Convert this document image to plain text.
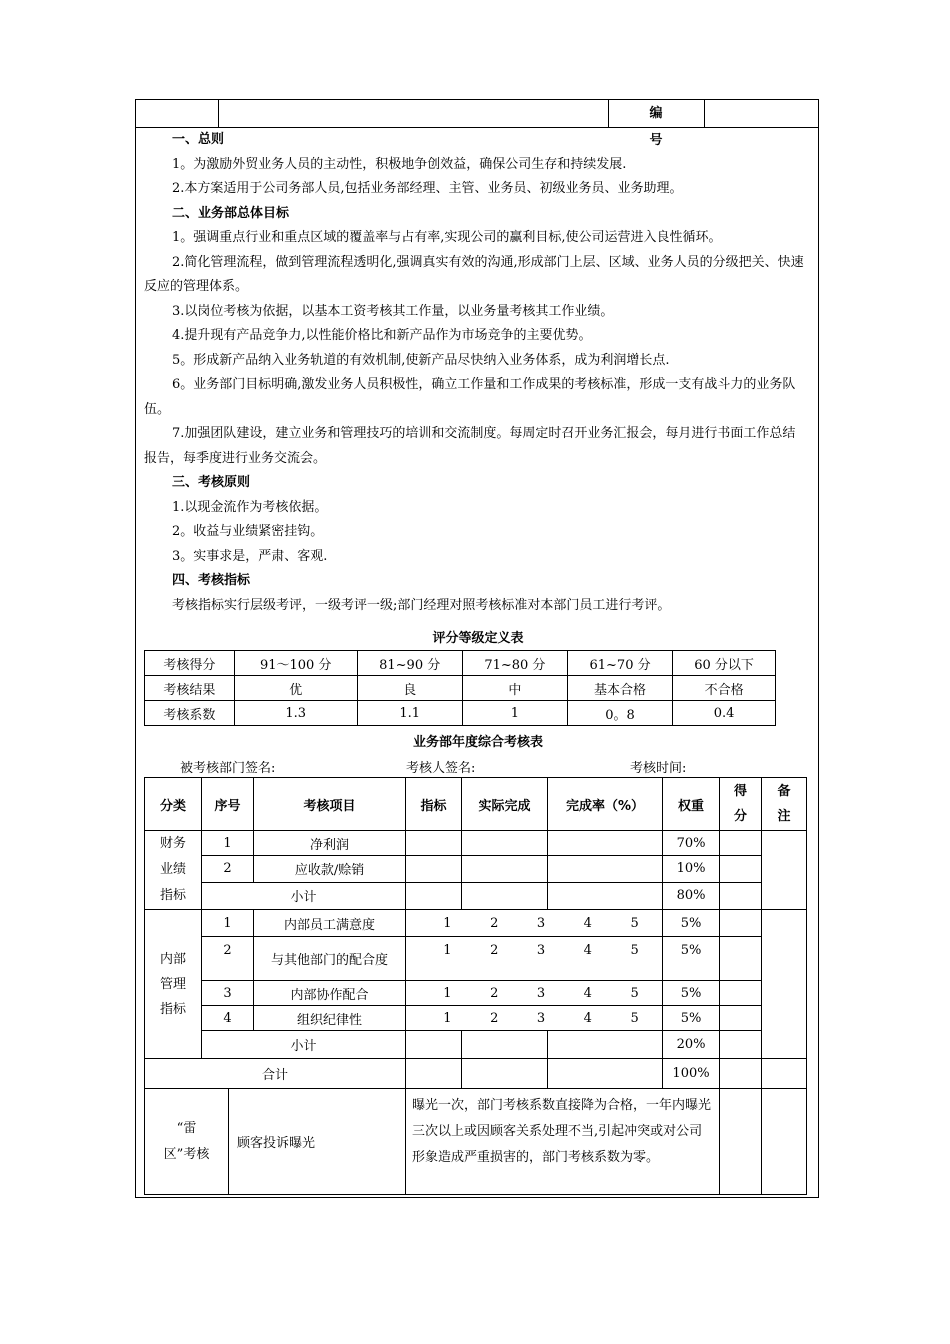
编 号
一、总则
1。为激励外贸业务人员的主动性，积极地争创效益，确保公司生存和持续发展.
2.本方案适用于公司务部人员,包括业务部经理、主管、业务员、初级业务员、业务助理。
二、业务部总体目标
1。强调重点行业和重点区域的覆盖率与占有率,实现公司的赢利目标,使公司运营进入良性循环。
2.简化管理流程，做到管理流程透明化,强调真实有效的沟通,形成部门上层、区域、业务人员的分级把关、快速反应的管理体系。
3.以岗位考核为依据，以基本工资考核其工作量，以业务量考核其工作业绩。
4.提升现有产品竞争力,以性能价格比和新产品作为市场竞争的主要优势。
5。形成新产品纳入业务轨道的有效机制,使新产品尽快纳入业务体系，成为利润增长点.
6。业务部门目标明确,激发业务人员积极性，确立工作量和工作成果的考核标准，形成一支有战斗力的业务队伍。
7.加强团队建设，建立业务和管理技巧的培训和交流制度。每周定时召开业务汇报会，每月进行书面工作总结报告，每季度进行业务交流会。
三、考核原则
1.以现金流作为考核依据。
2。收益与业绩紧密挂钩。
3。实事求是，严肃、客观.
四、考核指标
考核指标实行层级考评，一级考评一级;部门经理对照考核标准对本部门员工进行考评。
评分等级定义表
考核得分	91～100 分	81~90 分	71~80 分	61~70 分	60 分以下
考核结果	优	良	中	基本合格	不合格
考核系数	1.3	1.1	1	0。8	0.4
业务部年度综合考核表
被考核部门签名:	考核人签名:	考核时间:
分类	序号		考核项目	指标	实际完成	完成率（%）	权重	得分	备注
财务业绩指标	1		净利润				70%		
	2		应收款/赊销				10%		
	小计						80%		
内部管理指标	1		内部员工满意度	1 2 3 4 5			5%		
	2		与其他部门的配合度	1 2 3 4 5			5%		
	3		内部协作配合	1 2 3 4 5			5%		
	4		组织纪律性	1 2 3 4 5			5%		
	小计						20%		
合计							100%		
“雷区”考核		顾客投诉曝光		曝光一次，部门考核系数直接降为合格，一年内曝光三次以上或因顾客关系处理不当,引起冲突或对公司形象造成严重损害的，部门考核系数为零。					
